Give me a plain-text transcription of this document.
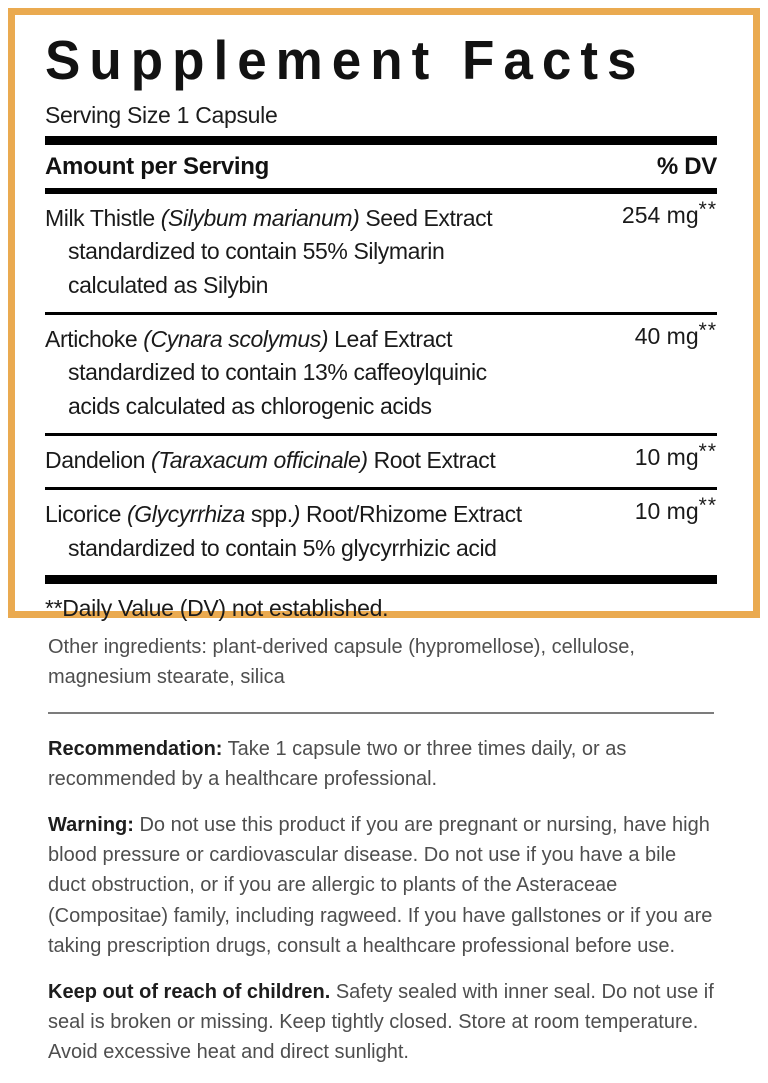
Supplement Facts
Serving Size 1 Capsule
Amount per Serving	% DV
Milk Thistle (Silybum marianum) Seed Extract	254 mg**
standardized to contain 55% Silymarin
calculated as Silybin
Artichoke (Cynara scolymus) Leaf Extract	40 mg**
standardized to contain 13% caffeoylquinic
acids calculated as chlorogenic acids
Dandelion (Taraxacum officinale) Root Extract	10 mg**
Licorice (Glycyrrhiza spp.) Root/Rhizome Extract	10 mg**
standardized to contain 5% glycyrrhizic acid
**Daily Value (DV) not established.

Other ingredients: plant-derived capsule (hypromellose), cellulose, magnesium stearate, silica

Recommendation: Take 1 capsule two or three times daily, or as recommended by a healthcare professional.

Warning: Do not use this product if you are pregnant or nursing, have high blood pressure or cardiovascular disease. Do not use if you have a bile duct obstruction, or if you are allergic to plants of the Asteraceae (Compositae) family, including ragweed. If you have gallstones or if you are taking prescription drugs, consult a healthcare professional before use.

Keep out of reach of children. Safety sealed with inner seal. Do not use if seal is broken or missing. Keep tightly closed. Store at room temperature. Avoid excessive heat and direct sunlight.
